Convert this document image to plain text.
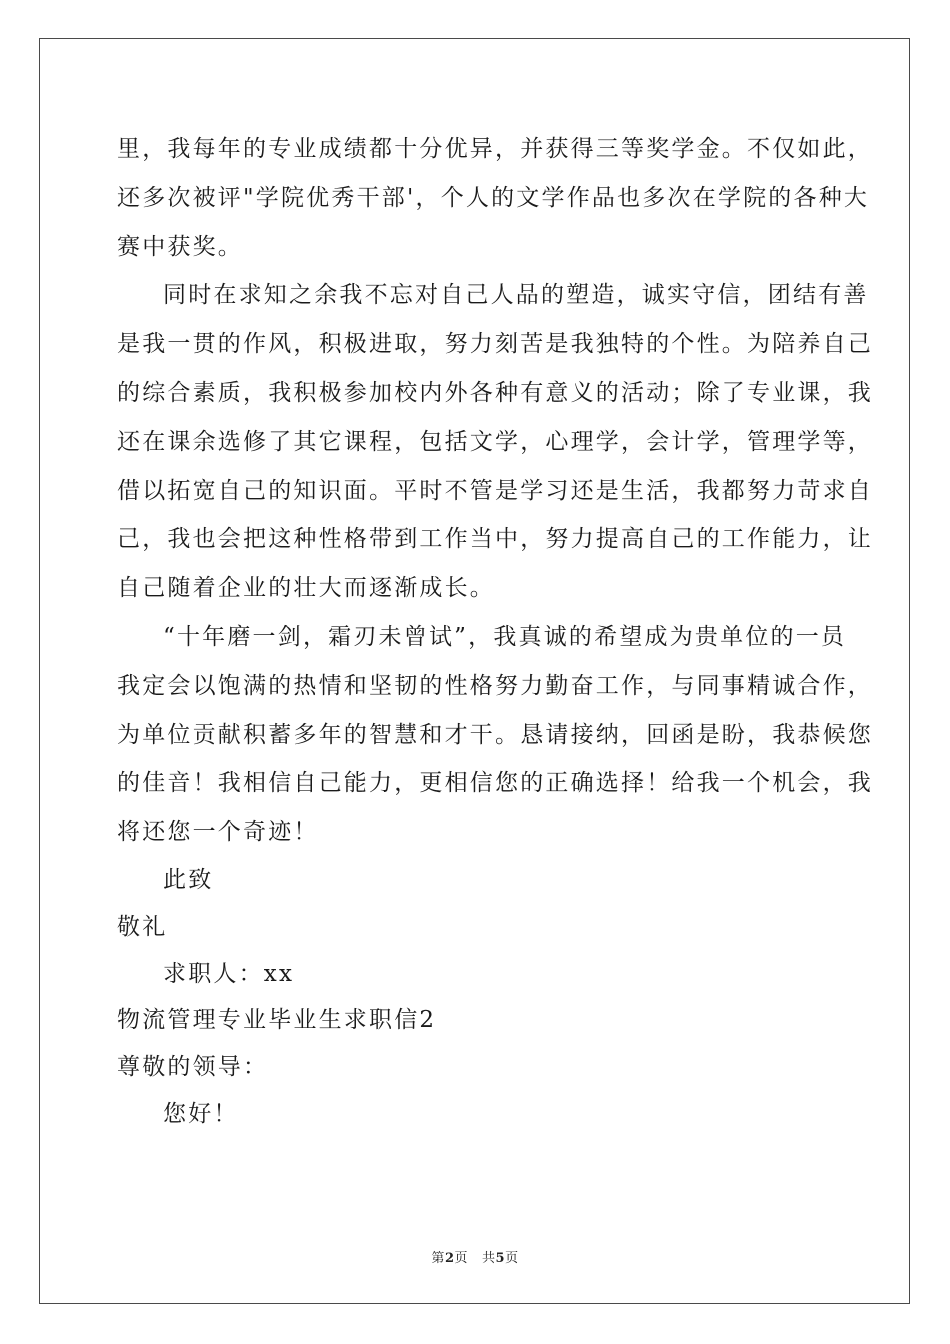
里，我每年的专业成绩都十分优异，并获得三等奖学金。不仅如此，
还多次被评"学院优秀干部'，个人的文学作品也多次在学院的各种大
赛中获奖。
同时在求知之余我不忘对自己人品的塑造，诚实守信，团结有善
是我一贯的作风，积极进取，努力刻苦是我独特的个性。为陪养自己
的综合素质，我积极参加校内外各种有意义的活动；除了专业课，我
还在课余选修了其它课程，包括文学，心理学，会计学，管理学等，
借以拓宽自己的知识面。平时不管是学习还是生活，我都努力苛求自
己，我也会把这种性格带到工作当中，努力提高自己的工作能力，让
自己随着企业的壮大而逐渐成长。
“十年磨一剑，霜刃未曾试”，我真诚的希望成为贵单位的一员
我定会以饱满的热情和坚韧的性格努力勤奋工作，与同事精诚合作，
为单位贡献积蓄多年的智慧和才干。恳请接纳，回函是盼，我恭候您
的佳音！我相信自己能力，更相信您的正确选择！给我一个机会，我
将还您一个奇迹！
此致
敬礼
求职人：xx
物流管理专业毕业生求职信2
尊敬的领导：
您好！
第2页 共5页
